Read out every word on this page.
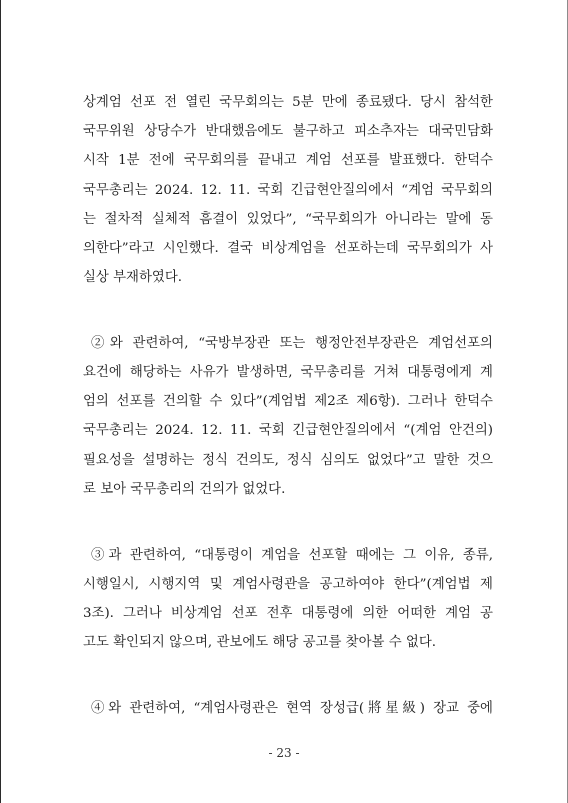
상계엄 선포 전 열린 국무회의는 5분 만에 종료됐다. 당시 참석한
국무위원 상당수가 반대했음에도 불구하고 피소추자는 대국민담화
시작 1분 전에 국무회의를 끝내고 계엄 선포를 발표했다. 한덕수
국무총리는 2024. 12. 11. 국회 긴급현안질의에서 “계엄 국무회의
는 절차적 실체적 흠결이 있었다”, “국무회의가 아니라는 말에 동
의한다”라고 시인했다. 결국 비상계엄을 선포하는데 국무회의가 사
실상 부재하였다.
②와 관련하여, “국방부장관 또는 행정안전부장관은 계엄선포의
요건에 해당하는 사유가 발생하면, 국무총리를 거쳐 대통령에게 계
엄의 선포를 건의할 수 있다”(계엄법 제2조 제6항). 그러나 한덕수
국무총리는 2024. 12. 11. 국회 긴급현안질의에서 “(계엄 안건의)
필요성을 설명하는 정식 건의도, 정식 심의도 없었다”고 말한 것으
로 보아 국무총리의 건의가 없었다.
③과 관련하여, “대통령이 계엄을 선포할 때에는 그 이유, 종류,
시행일시, 시행지역 및 계엄사령관을 공고하여야 한다”(계엄법 제
3조). 그러나 비상계엄 선포 전후 대통령에 의한 어떠한 계엄 공
고도 확인되지 않으며, 관보에도 해당 공고를 찾아볼 수 없다.
④와 관련하여, “계엄사령관은 현역 장성급(將星級) 장교 중에
- 23 -
